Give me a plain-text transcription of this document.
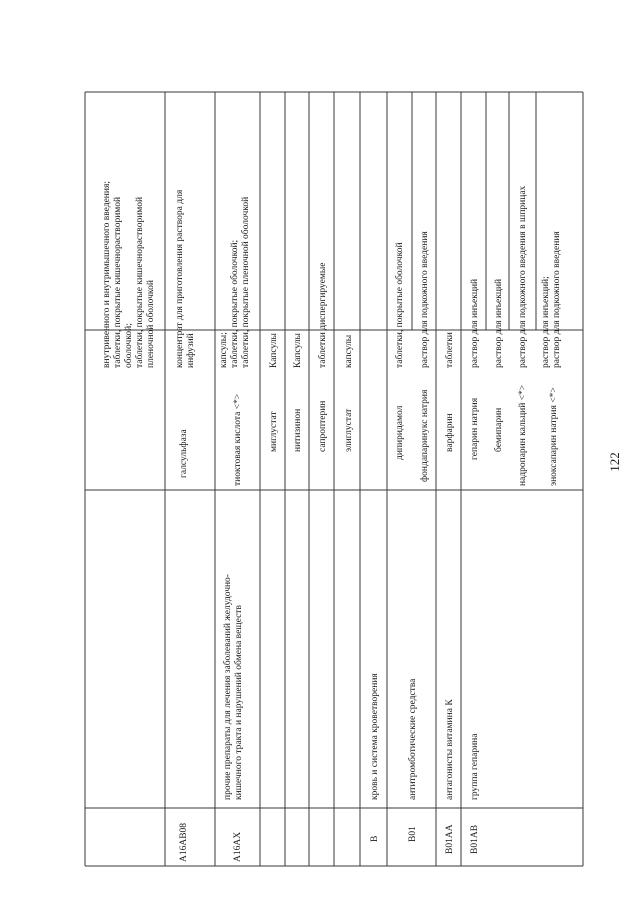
внутривенного и внутримышечного введения; таблетки, покрытые кишечнорастворимой оболочкой; таблетки, покрытые кишечнорастворимой пленочной оболочкой
A16AB08
галсульфаза
концентрат для приготовления раствора для инфузий
A16AX
прочие препараты для лечения заболеваний желудочно- кишечного тракта и нарушений обмена веществ
тиоктовая кислота <*>
капсулы; таблетки, покрытые оболочкой; таблетки, покрытые пленочной оболочкой
миглустат
Капсулы
нитизинон
Капсулы
сапроптерин
таблетки диспергируемые
элиглустат
капсулы
B
кровь и система кроветворения
B01
антитромботические средства
дипиридамол
таблетки, покрытые оболочкой
фондапаринукс натрия
раствор для подкожного введения
B01AA
антагонисты витамина К
варфарин
таблетки
B01AB
группа гепарина
гепарин натрия
раствор для инъекций
бемипарин
раствор для инъекций
надропарин кальций <*>
раствор для подкожного введения в шприцах
эноксапарин натрия <*>
раствор для инъекций; раствор для подкожного введения
122
